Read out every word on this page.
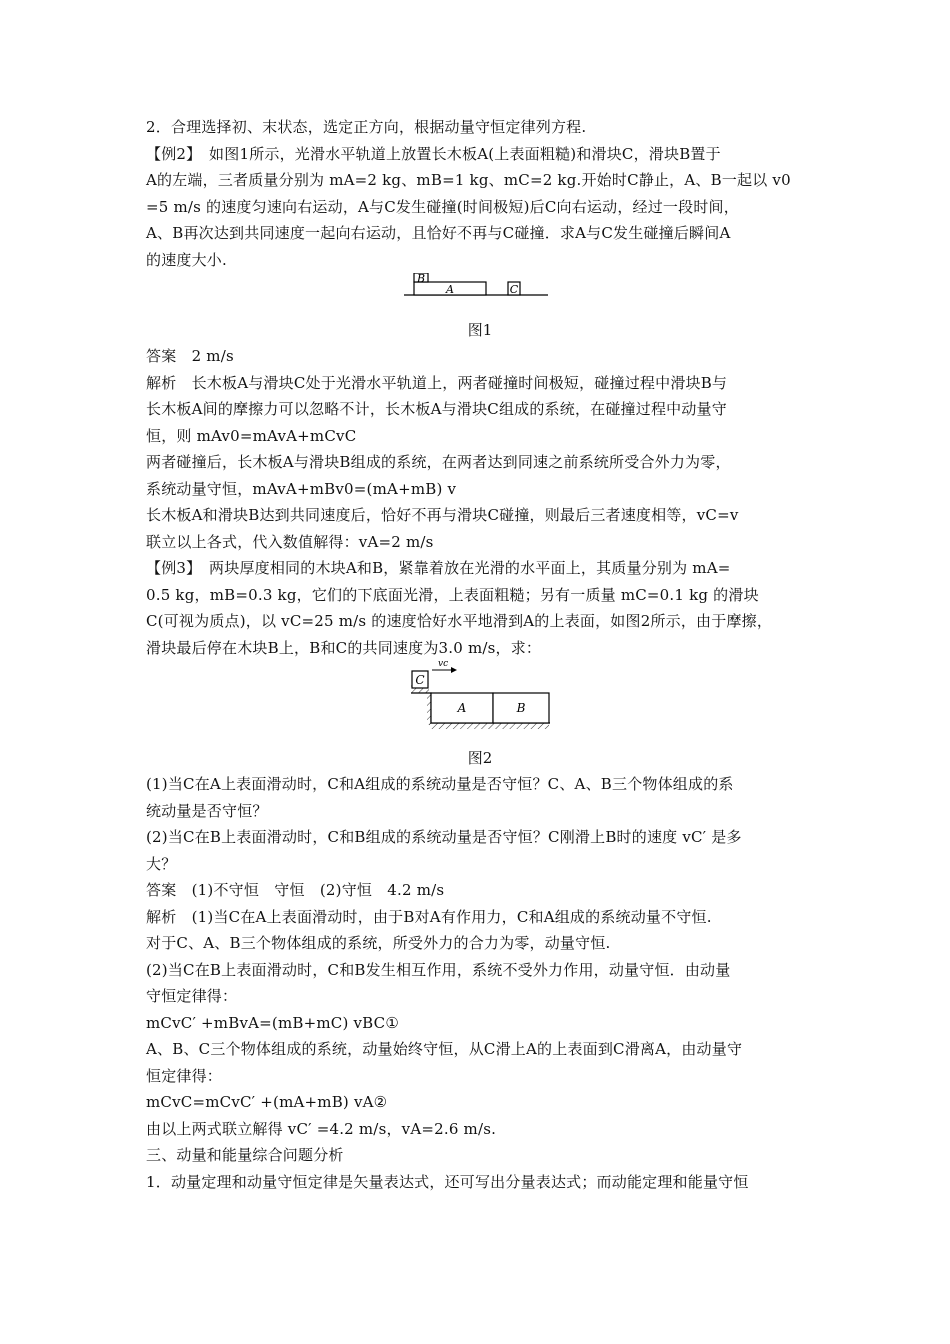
2．合理选择初、末状态，选定正方向，根据动量守恒定律列方程.
【例2】　如图1所示，光滑水平轨道上放置长木板A(上表面粗糙)和滑块C，滑块B置于
A的左端，三者质量分别为 mA=2 kg、mB=1 kg、mC=2 kg.开始时C静止，A、B一起以 v0
=5 m/s 的速度匀速向右运动，A与C发生碰撞(时间极短)后C向右运动，经过一段时间，
A、B再次达到共同速度一起向右运动，且恰好不再与C碰撞．求A与C发生碰撞后瞬间A
的速度大小.
B
A	C
图1
答案　2 m/s
解析　长木板A与滑块C处于光滑水平轨道上，两者碰撞时间极短，碰撞过程中滑块B与
长木板A间的摩擦力可以忽略不计，长木板A与滑块C组成的系统，在碰撞过程中动量守
恒，则 mAv0=mAvA+mCvC
两者碰撞后，长木板A与滑块B组成的系统，在两者达到同速之前系统所受合外力为零，
系统动量守恒，mAvA+mBv0=(mA+mB) v
长木板A和滑块B达到共同速度后，恰好不再与滑块C碰撞，则最后三者速度相等，vC=v
联立以上各式，代入数值解得：vA=2 m/s
【例3】　两块厚度相同的木块A和B，紧靠着放在光滑的水平面上，其质量分别为 mA=
0.5 kg，mB=0.3 kg，它们的下底面光滑，上表面粗糙；另有一质量 mC=0.1 kg 的滑块
C(可视为质点)，以 vC=25 m/s 的速度恰好水平地滑到A的上表面，如图2所示，由于摩擦，
滑块最后停在木块B上，B和C的共同速度为3.0 m/s，求：
C
vc
A	B
图2
(1)当C在A上表面滑动时，C和A组成的系统动量是否守恒？C、A、B三个物体组成的系
统动量是否守恒？
(2)当C在B上表面滑动时，C和B组成的系统动量是否守恒？C刚滑上B时的速度 vC′ 是多
大？
答案　(1)不守恒　守恒　(2)守恒　4.2 m/s
解析　(1)当C在A上表面滑动时，由于B对A有作用力，C和A组成的系统动量不守恒.
对于C、A、B三个物体组成的系统，所受外力的合力为零，动量守恒.
(2)当C在B上表面滑动时，C和B发生相互作用，系统不受外力作用，动量守恒．由动量
守恒定律得：
mCvC′ +mBvA=(mB+mC) vBC①
A、B、C三个物体组成的系统，动量始终守恒，从C滑上A的上表面到C滑离A，由动量守
恒定律得：
mCvC=mCvC′ +(mA+mB) vA②
由以上两式联立解得 vC′ =4.2 m/s，vA=2.6 m/s.
三、动量和能量综合问题分析
1．动量定理和动量守恒定律是矢量表达式，还可写出分量表达式；而动能定理和能量守恒
